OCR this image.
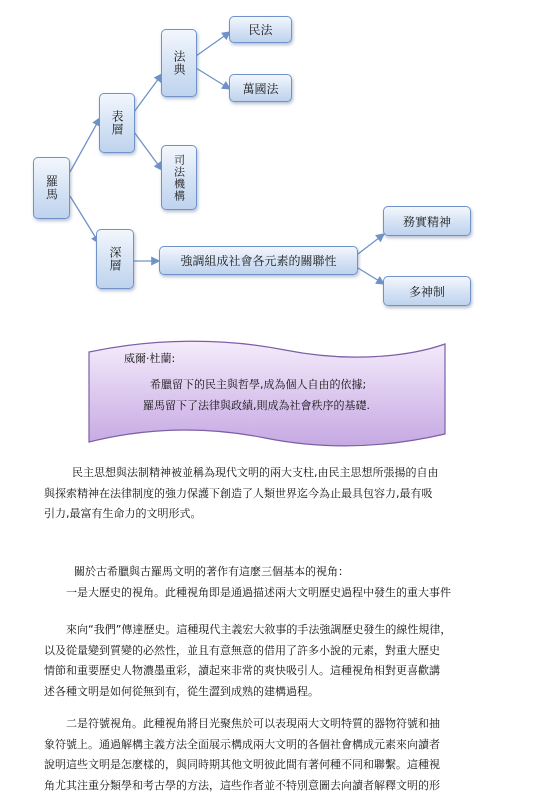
羅馬
表層
深層
法典
司法機構
民法
萬國法
強調組成社會各元素的關聯性
務實精神
多神制
威爾·杜蘭:
希臘留下的民主與哲學,成為個人自由的依據;
羅馬留下了法律與政績,則成為社會秩序的基礎.

民主思想與法制精神被並稱為現代文明的兩大支柱,由民主思想所張揚的自由
與探索精神在法律制度的強力保護下創造了人類世界迄今為止最具包容力,最有吸
引力,最富有生命力的文明形式。

關於古希臘與古羅馬文明的著作有這麼三個基本的視角：
一是大歷史的視角。此種視角即是通過描述兩大文明歷史過程中發生的重大事件

來向“我們”傳達歷史。這種現代主義宏大敘事的手法強調歷史發生的線性規律，
以及從量變到質變的必然性，並且有意無意的借用了許多小說的元素，對重大歷史
情節和重要歷史人物濃墨重彩，讀起來非常的爽快吸引人。這種視角相對更喜歡講
述各種文明是如何從無到有，從生澀到成熟的建構過程。

二是符號視角。此種視角將目光聚焦於可以表現兩大文明特質的器物符號和抽
象符號上。通過解構主義方法全面展示構成兩大文明的各個社會構成元素來向讀者
說明這些文明是怎麼樣的，與同時期其他文明彼此間有著何種不同和聯繫。這種視
角尤其注重分類學和考古學的方法，這些作者並不特別意圖去向讀者解釋文明的形
